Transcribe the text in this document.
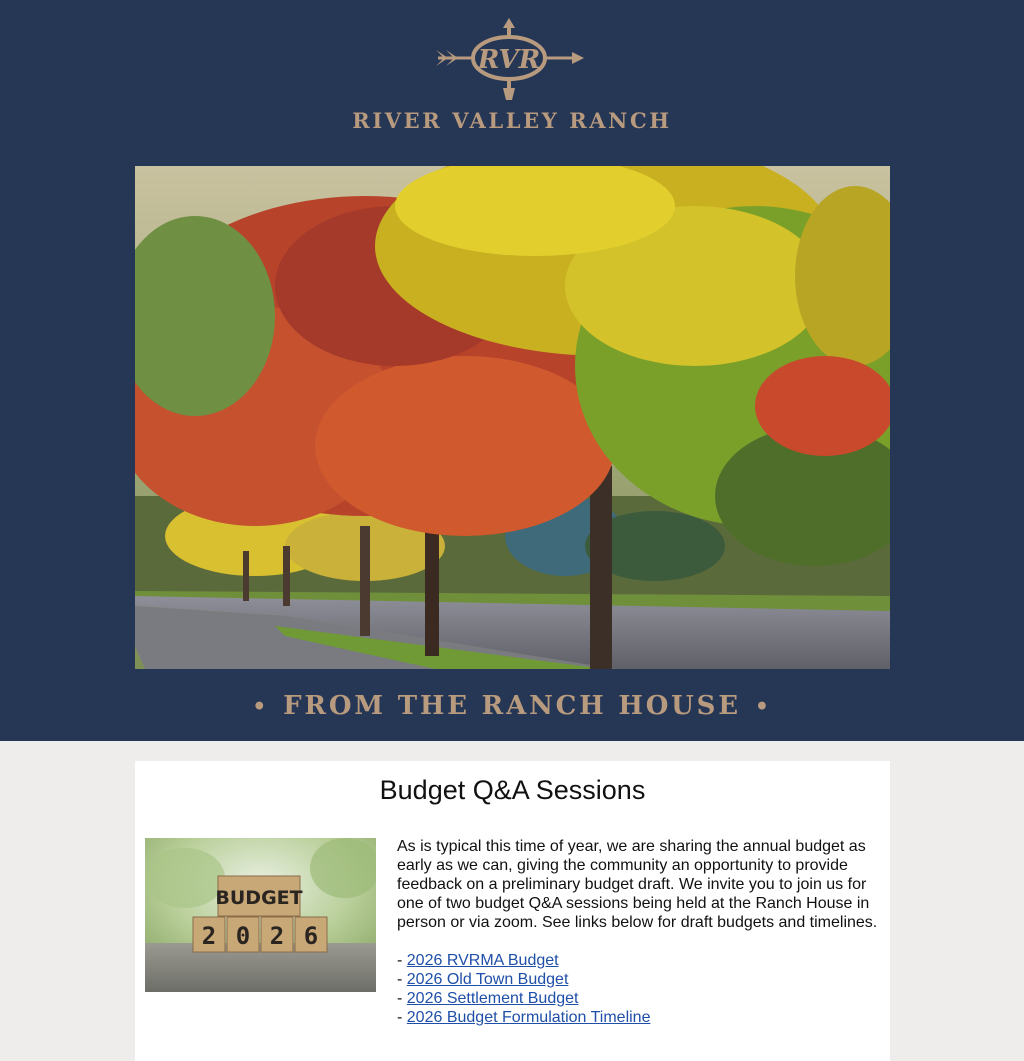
RVR
RIVER VALLEY RANCH
• FROM THE RANCH HOUSE •
Budget Q&A Sessions
BUDGET
2 0 2 6

As is typical this time of year, we are sharing the annual budget as early as we can, giving the community an opportunity to provide feedback on a preliminary budget draft. We invite you to join us for one of two budget Q&A sessions being held at the Ranch House in person or via zoom. See links below for draft budgets and timelines.

- 2026 RVRMA Budget
- 2026 Old Town Budget
- 2026 Settlement Budget
- 2026 Budget Formulation Timeline
